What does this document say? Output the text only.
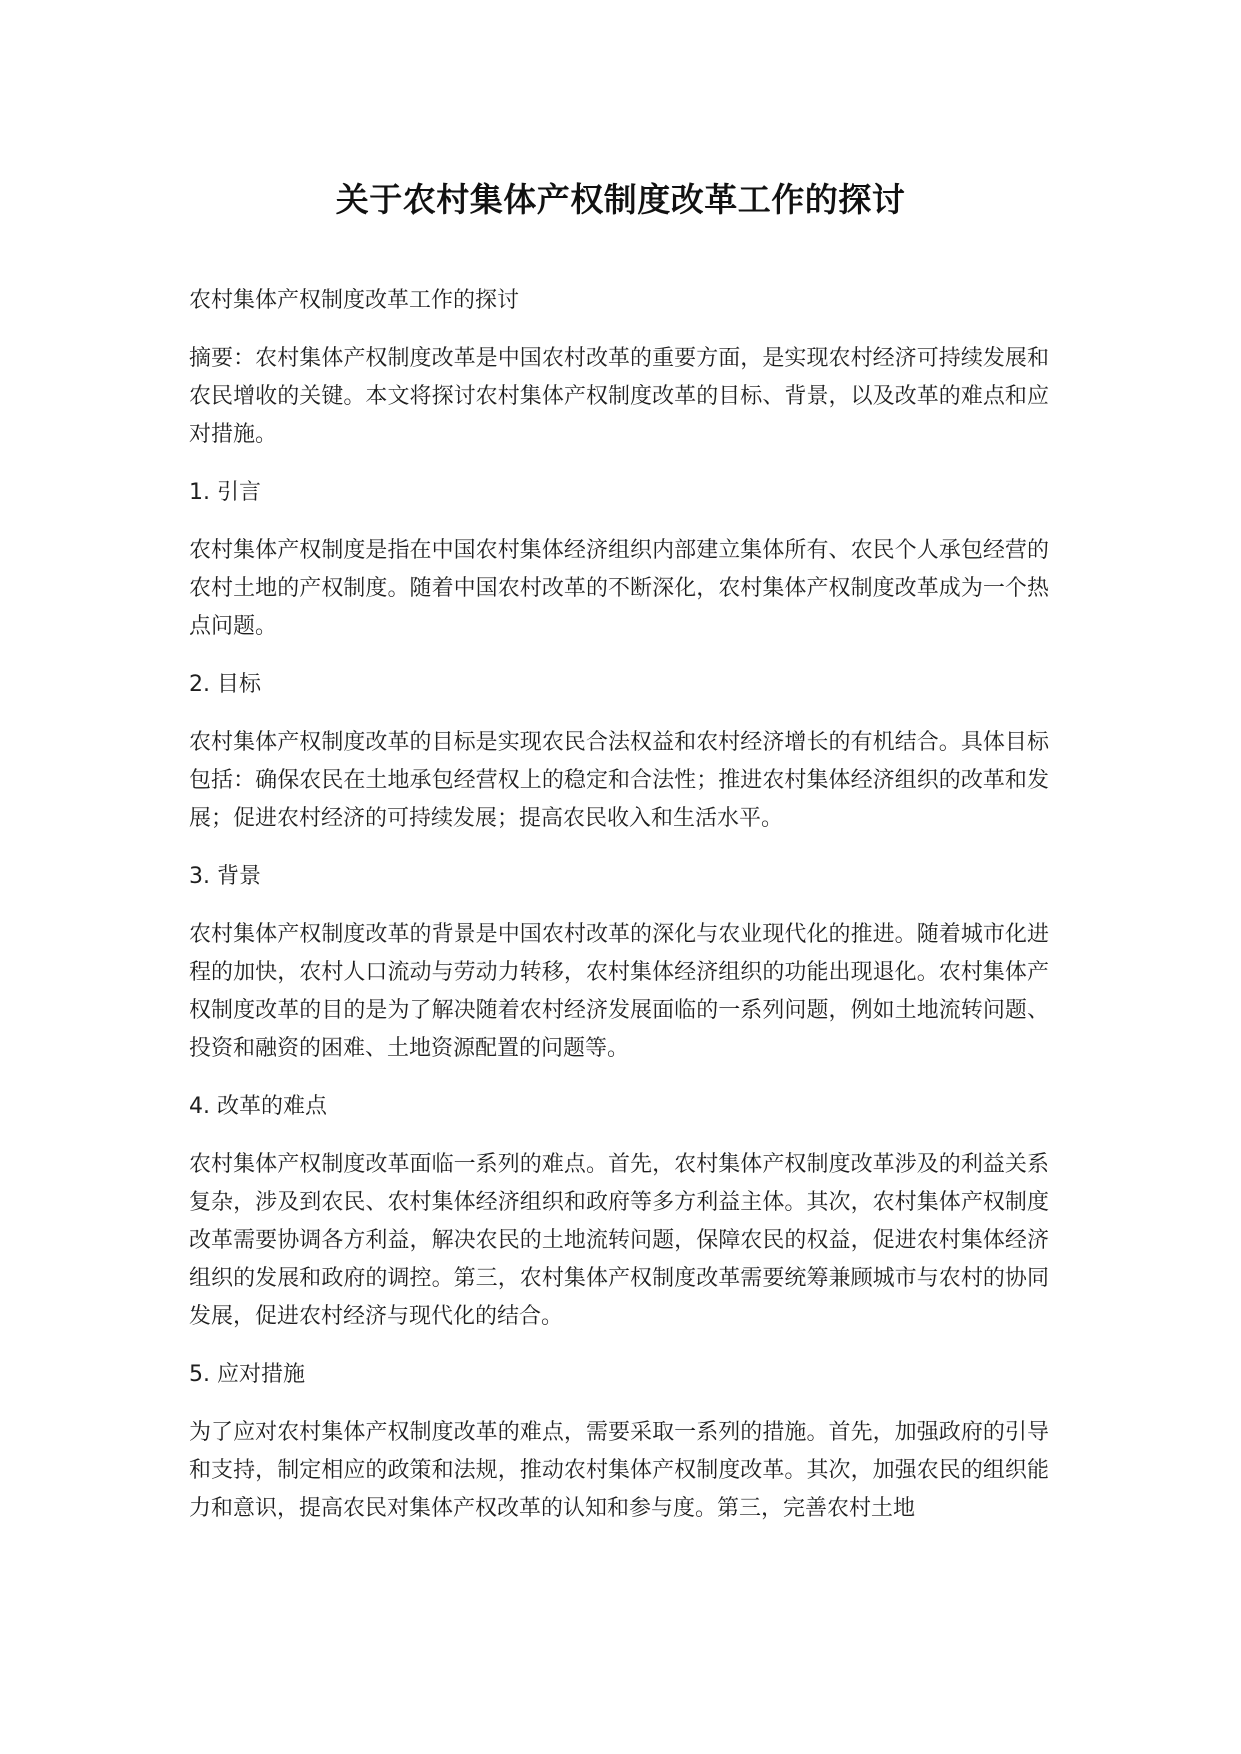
关于农村集体产权制度改革工作的探讨

农村集体产权制度改革工作的探讨

摘要：农村集体产权制度改革是中国农村改革的重要方面，是实现农村经济可持续发展和农民增收的关键。本文将探讨农村集体产权制度改革的目标、背景，以及改革的难点和应对措施。

1. 引言

农村集体产权制度是指在中国农村集体经济组织内部建立集体所有、农民个人承包经营的农村土地的产权制度。随着中国农村改革的不断深化，农村集体产权制度改革成为一个热点问题。

2. 目标

农村集体产权制度改革的目标是实现农民合法权益和农村经济增长的有机结合。具体目标包括：确保农民在土地承包经营权上的稳定和合法性；推进农村集体经济组织的改革和发展；促进农村经济的可持续发展；提高农民收入和生活水平。

3. 背景

农村集体产权制度改革的背景是中国农村改革的深化与农业现代化的推进。随着城市化进程的加快，农村人口流动与劳动力转移，农村集体经济组织的功能出现退化。农村集体产权制度改革的目的是为了解决随着农村经济发展面临的一系列问题，例如土地流转问题、投资和融资的困难、土地资源配置的问题等。

4. 改革的难点

农村集体产权制度改革面临一系列的难点。首先，农村集体产权制度改革涉及的利益关系复杂，涉及到农民、农村集体经济组织和政府等多方利益主体。其次，农村集体产权制度改革需要协调各方利益，解决农民的土地流转问题，保障农民的权益，促进农村集体经济组织的发展和政府的调控。第三，农村集体产权制度改革需要统筹兼顾城市与农村的协同发展，促进农村经济与现代化的结合。

5. 应对措施

为了应对农村集体产权制度改革的难点，需要采取一系列的措施。首先，加强政府的引导和支持，制定相应的政策和法规，推动农村集体产权制度改革。其次，加强农民的组织能力和意识，提高农民对集体产权改革的认知和参与度。第三，完善农村土地
